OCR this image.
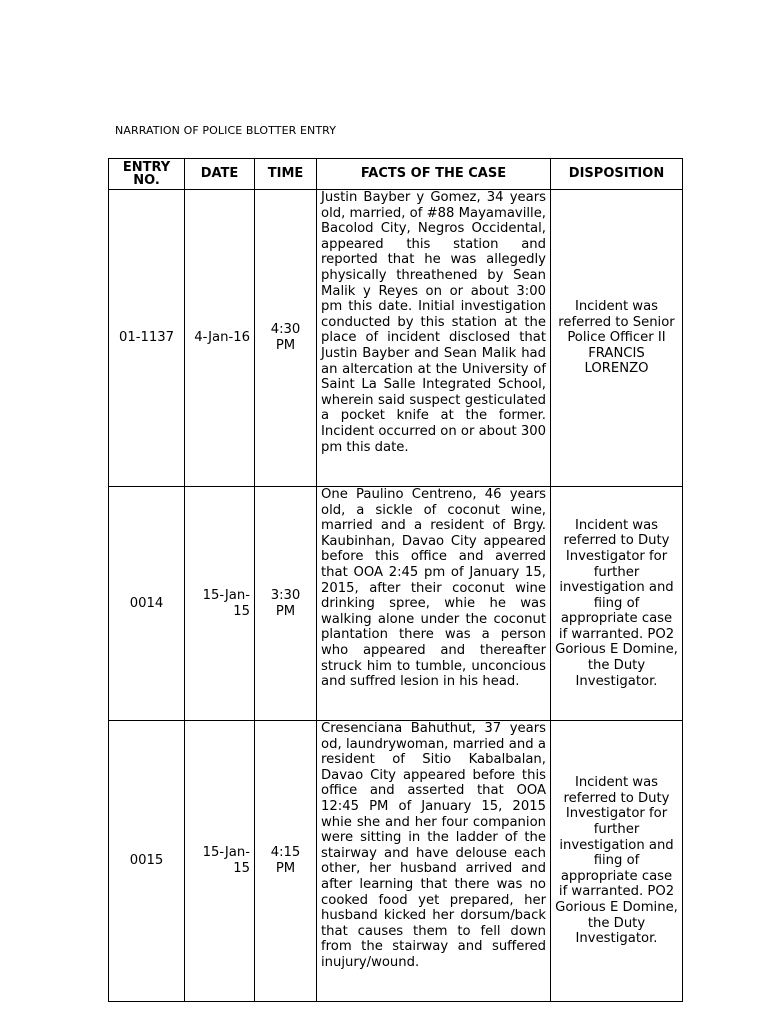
NARRATION OF POLICE BLOTTER ENTRY
ENTRY NO.	DATE	TIME	FACTS OF THE CASE	DISPOSITION
01-1137	4-Jan-16	4:30 PM	Justin Bayber y Gomez, 34 years old, married, of #88 Mayamaville, Bacolod City, Negros Occidental, appeared this station and reported that he was allegedly physically threathened by Sean Malik y Reyes on or about 3:00 pm this date. Initial investigation conducted by this station at the place of incident disclosed that Justin Bayber and Sean Malik had an altercation at the University of Saint La Salle Integrated School, wherein said suspect gesticulated a pocket knife at the former. Incident occurred on or about 300 pm this date.	Incident was referred to Senior Police Officer II FRANCIS LORENZO
0014	15-Jan-15	3:30 PM	One Paulino Centreno, 46 years old, a sickle of coconut wine, married and a resident of Brgy. Kaubinhan, Davao City appeared before this office and averred that OOA 2:45 pm of January 15, 2015, after their coconut wine drinking spree, whie he was walking alone under the coconut plantation there was a person who appeared and thereafter struck him to tumble, unconcious and suffred lesion in his head.	Incident was referred to Duty Investigator for further investigation and fiing of appropriate case if warranted. PO2 Gorious E Domine, the Duty Investigator.
0015	15-Jan-15	4:15 PM	Cresenciana Bahuthut, 37 years od, laundrywoman, married and a resident of Sitio Kabalbalan, Davao City appeared before this office and asserted that OOA 12:45 PM of January 15, 2015 whie she and her four companion were sitting in the ladder of the stairway and have delouse each other, her husband arrived and after learning that there was no cooked food yet prepared, her husband kicked her dorsum/back that causes them to fell down from the stairway and suffered inujury/wound.	Incident was referred to Duty Investigator for further investigation and fiing of appropriate case if warranted. PO2 Gorious E Domine, the Duty Investigator.
